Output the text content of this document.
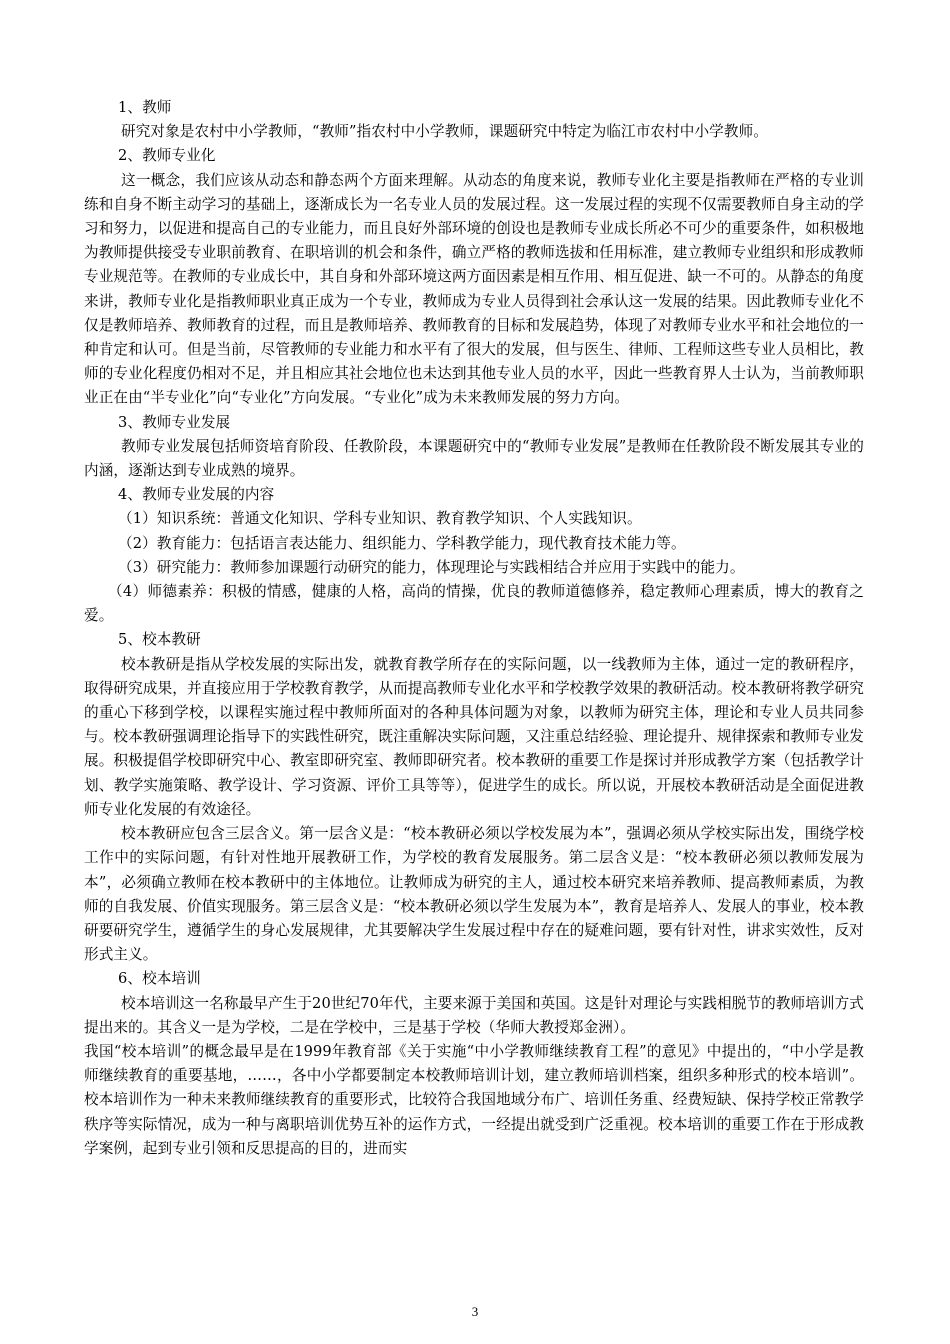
1、教师

研究对象是农村中小学教师，“教师”指农村中小学教师，课题研究中特定为临江市农村中小学教师。

2、教师专业化

这一概念，我们应该从动态和静态两个方面来理解。从动态的角度来说，教师专业化主要是指教师在严格的专业训练和自身不断主动学习的基础上，逐渐成长为一名专业人员的发展过程。这一发展过程的实现不仅需要教师自身主动的学习和努力，以促进和提高自己的专业能力，而且良好外部环境的创设也是教师专业成长所必不可少的重要条件，如积极地为教师提供接受专业职前教育、在职培训的机会和条件，确立严格的教师选拔和任用标准，建立教师专业组织和形成教师专业规范等。在教师的专业成长中，其自身和外部环境这两方面因素是相互作用、相互促进、缺一不可的。从静态的角度来讲，教师专业化是指教师职业真正成为一个专业，教师成为专业人员得到社会承认这一发展的结果。因此教师专业化不仅是教师培养、教师教育的过程，而且是教师培养、教师教育的目标和发展趋势，体现了对教师专业水平和社会地位的一种肯定和认可。但是当前，尽管教师的专业能力和水平有了很大的发展，但与医生、律师、工程师这些专业人员相比，教师的专业化程度仍相对不足，并且相应其社会地位也未达到其他专业人员的水平，因此一些教育界人士认为，当前教师职业正在由“半专业化”向“专业化”方向发展。“专业化”成为未来教师发展的努力方向。

3、教师专业发展

教师专业发展包括师资培育阶段、任教阶段，本课题研究中的“教师专业发展”是教师在任教阶段不断发展其专业的内涵，逐渐达到专业成熟的境界。

4、教师专业发展的内容

（1）知识系统：普通文化知识、学科专业知识、教育教学知识、个人实践知识。

（2）教育能力：包括语言表达能力、组织能力、学科教学能力，现代教育技术能力等。

（3）研究能力：教师参加课题行动研究的能力，体现理论与实践相结合并应用于实践中的能力。

（4）师德素养：积极的情感，健康的人格，高尚的情操，优良的教师道德修养，稳定教师心理素质，博大的教育之爱。

5、校本教研

校本教研是指从学校发展的实际出发，就教育教学所存在的实际问题，以一线教师为主体，通过一定的教研程序，取得研究成果，并直接应用于学校教育教学，从而提高教师专业化水平和学校教学效果的教研活动。校本教研将教学研究的重心下移到学校，以课程实施过程中教师所面对的各种具体问题为对象，以教师为研究主体，理论和专业人员共同参与。校本教研强调理论指导下的实践性研究，既注重解决实际问题，又注重总结经验、理论提升、规律探索和教师专业发展。积极提倡学校即研究中心、教室即研究室、教师即研究者。校本教研的重要工作是探讨并形成教学方案（包括教学计划、教学实施策略、教学设计、学习资源、评价工具等等），促进学生的成长。所以说，开展校本教研活动是全面促进教师专业化发展的有效途径。

校本教研应包含三层含义。第一层含义是：“校本教研必须以学校发展为本”，强调必须从学校实际出发，围绕学校工作中的实际问题，有针对性地开展教研工作，为学校的教育发展服务。第二层含义是：“校本教研必须以教师发展为本”，必须确立教师在校本教研中的主体地位。让教师成为研究的主人，通过校本研究来培养教师、提高教师素质，为教师的自我发展、价值实现服务。第三层含义是：“校本教研必须以学生发展为本”，教育是培养人、发展人的事业，校本教研要研究学生，遵循学生的身心发展规律，尤其要解决学生发展过程中存在的疑难问题，要有针对性，讲求实效性，反对形式主义。

6、校本培训

校本培训这一名称最早产生于20世纪70年代，主要来源于美国和英国。这是针对理论与实践相脱节的教师培训方式提出来的。其含义一是为学校，二是在学校中，三是基于学校（华师大教授郑金洲）。

我国“校本培训”的概念最早是在1999年教育部《关于实施“中小学教师继续教育工程”的意见》中提出的，“中小学是教师继续教育的重要基地，……，各中小学都要制定本校教师培训计划，建立教师培训档案，组织多种形式的校本培训”。校本培训作为一种未来教师继续教育的重要形式，比较符合我国地域分布广、培训任务重、经费短缺、保持学校正常教学秩序等实际情况，成为一种与离职培训优势互补的运作方式，一经提出就受到广泛重视。校本培训的重要工作在于形成教学案例，起到专业引领和反思提高的目的，进而实

3
